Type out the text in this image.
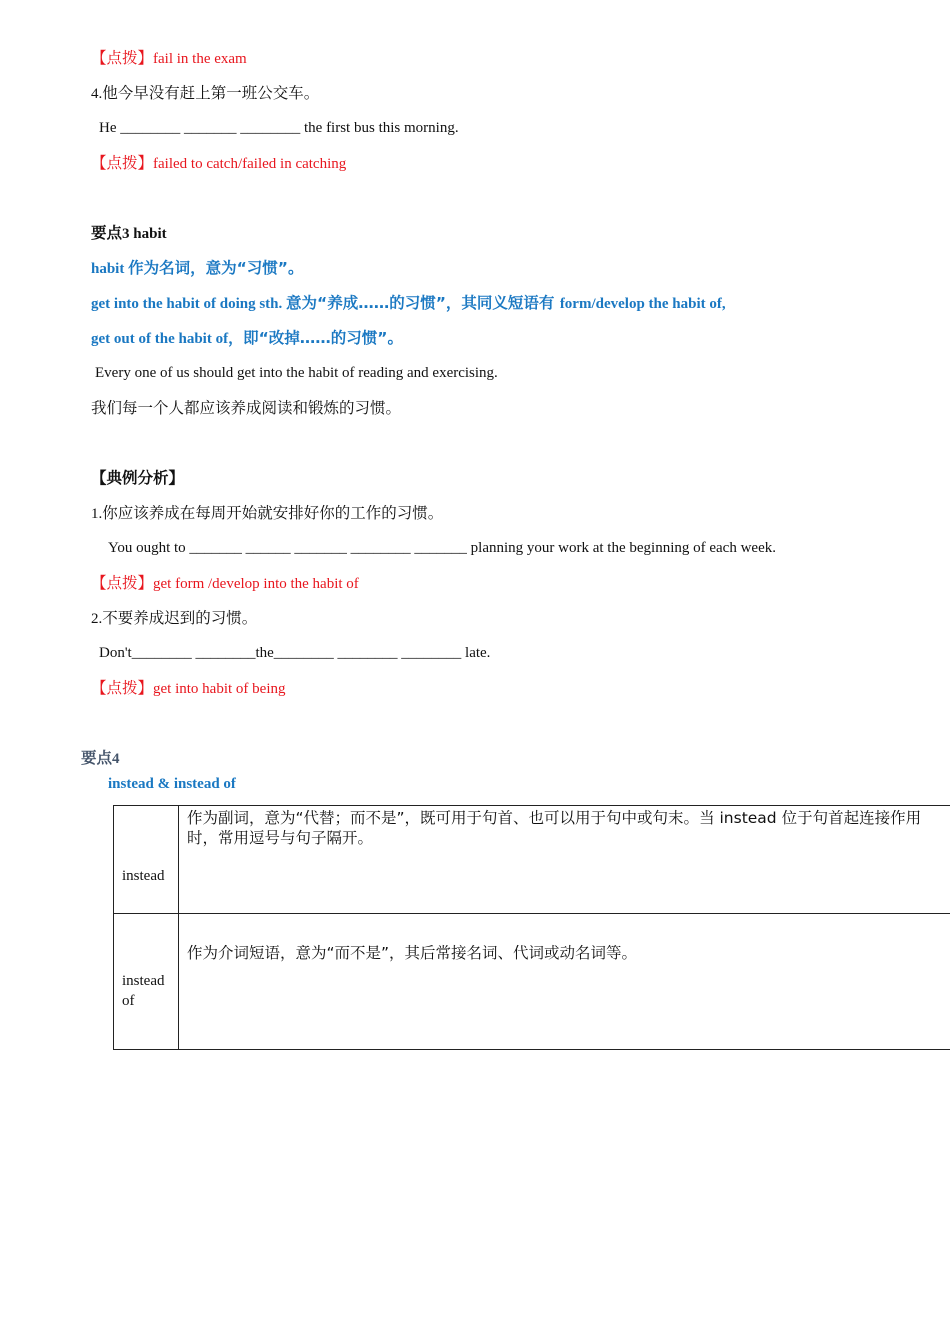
【点拨】fail in the exam
4.他今早没有赶上第一班公交车。
He ________ _______ ________ the first bus this morning.
【点拨】failed to catch/failed in catching
要点3 habit
habit 作为名词，意为“习惯”。
get into the habit of doing sth. 意为“养成……的习惯”，其同义短语有 form/develop the habit of,
get out of the habit of，即“改掉……的习惯”。
Every one of us should get into the habit of reading and exercising.
我们每一个人都应该养成阅读和锻炼的习惯。
【典例分析】
1.你应该养成在每周开始就安排好你的工作的习惯。
You ought to _______ ______ _______ ________ _______ planning your work at the beginning of each week.
【点拨】get form /develop into the habit of
2.不要养成迟到的习惯。
Don't________ ________the________ ________ ________ late.
【点拨】get into habit of being
要点4
instead & instead of
instead	作为副词，意为“代替；而不是”，既可用于句首、也可以用于句中或句末。当 instead 位于句首起连接作用时，常用逗号与句子隔开。

instead of	作为介词短语，意为“而不是”，其后常接名词、代词或动名词等。
